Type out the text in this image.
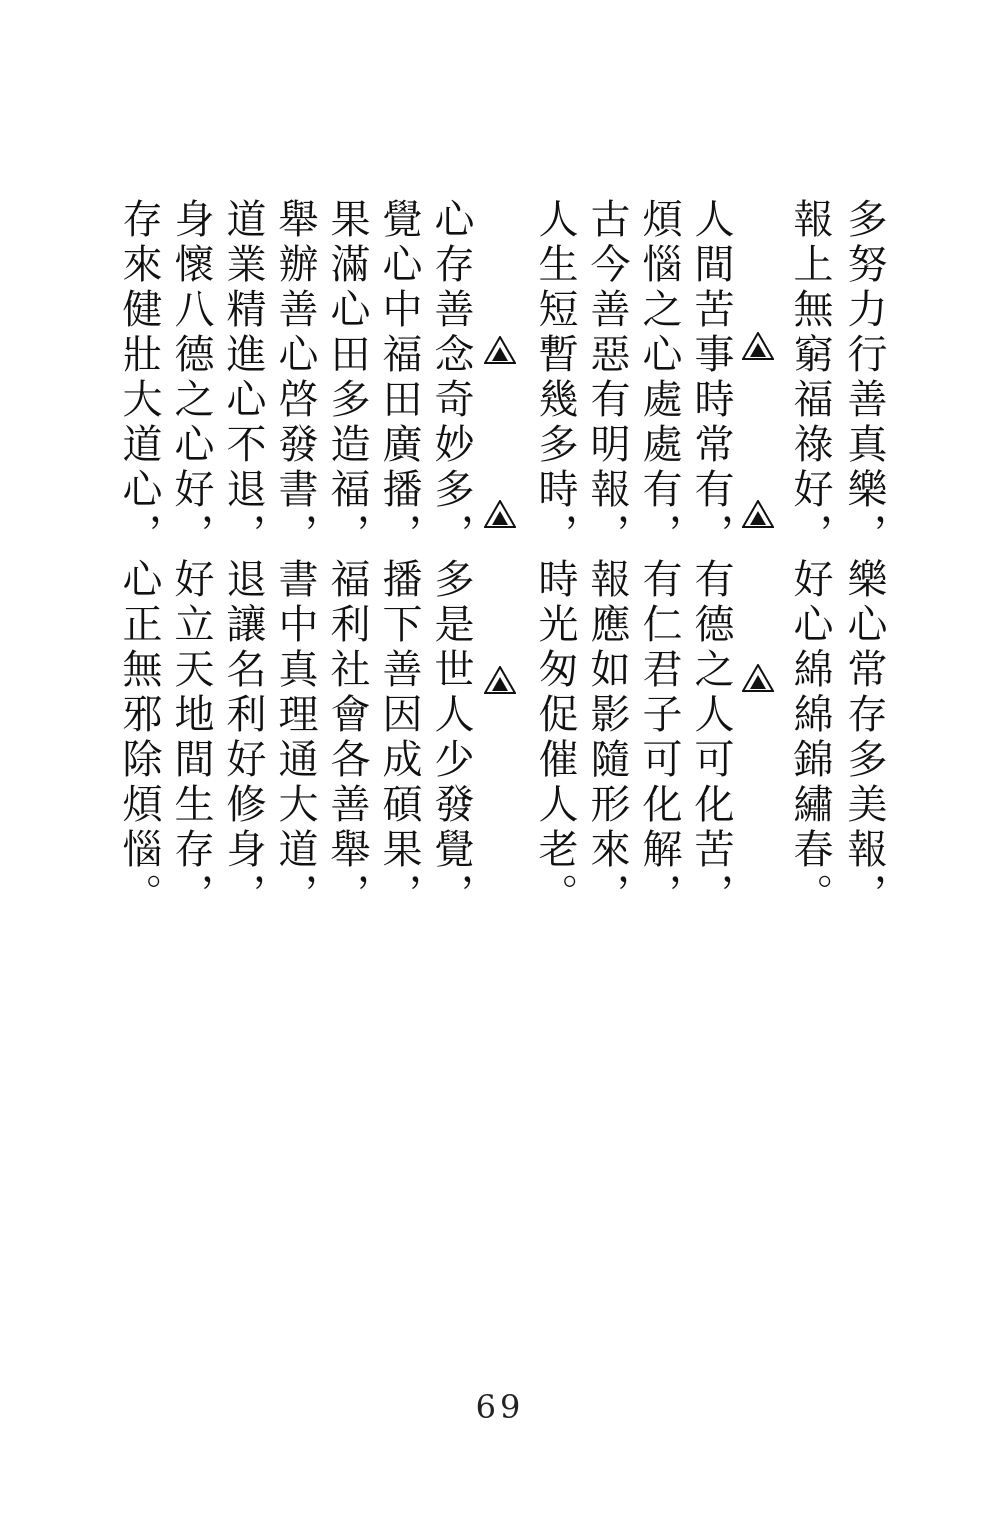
多努力行善真樂，樂心常存多美報，
報上無窮福祿好，好心綿綿錦繡春。
人間苦事時常有，有德之人可化苦，
煩惱之心處處有，有仁君子可化解，
古今善惡有明報，報應如影隨形來，
人生短暫幾多時，時光匆促催人老。
心存善念奇妙多，多是世人少發覺，
覺心中福田廣播，播下善因成碩果，
果滿心田多造福，福利社會各善舉，
舉辦善心啓發書，書中真理通大道，
道業精進心不退，退讓名利好修身，
身懷八德之心好，好立天地間生存，
存來健壯大道心，心正無邪除煩惱。
69
